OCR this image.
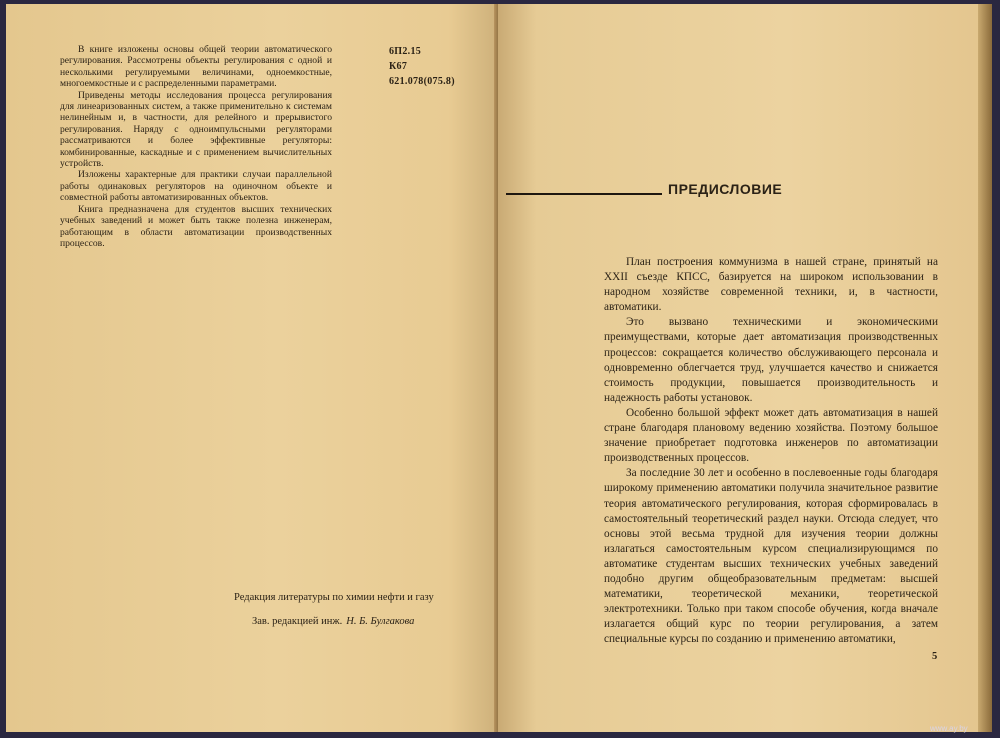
В книге изложены основы общей теории автоматического регулирования. Рассмотрены объекты регулирования с одной и несколькими регулируемыми величинами, одноемкостные, многоемкостные и с распределенными параметрами.

Приведены методы исследования процесса регулирования для линеаризованных систем, а также применительно к системам нелинейным и, в частности, для релейного и прерывистого регулирования. Наряду с одноимпульсными регуляторами рассматриваются и более эффективные регуляторы: комбинированные, каскадные и с применением вычислительных устройств.

Изложены характерные для практики случаи параллельной работы одинаковых регуляторов на одиночном объекте и совместной работы автоматизированных объектов.

Книга предназначена для студентов высших технических учебных заведений и может быть также полезна инженерам, работающим в области автоматизации производственных процессов.

6П2.15
К67
621.078(075.8)
Редакция литературы по химии нефти и газу
Зав. редакцией инж. Н. Б. Булгакова
ПРЕДИСЛОВИЕ

План построения коммунизма в нашей стране, принятый на XXII съезде КПСС, базируется на широком использовании в народном хозяйстве современной техники, и, в частности, автоматики.

Это вызвано техническими и экономическими преимуществами, которые дает автоматизация производственных процессов: сокращается количество обслуживающего персонала и одновременно облегчается труд, улучшается качество и снижается стоимость продукции, повышается производительность и надежность работы установок.

Особенно большой эффект может дать автоматизация в нашей стране благодаря плановому ведению хозяйства. Поэтому большое значение приобретает подготовка инженеров по автоматизации производственных процессов.

За последние 30 лет и особенно в послевоенные годы благодаря широкому применению автоматики получила значительное развитие теория автоматического регулирования, которая сформировалась в самостоятельный теоретический раздел науки. Отсюда следует, что основы этой весьма трудной для изучения теории должны излагаться самостоятельным курсом специализирующимся по автоматике студентам высших технических учебных заведений подобно другим общеобразовательным предметам: высшей математики, теоретической механики, теоретической электротехники. Только при таком способе обучения, когда вначале излагается общий курс по теории регулирования, а затем специальные курсы по созданию и применению автоматики,

5
www.ay.by
